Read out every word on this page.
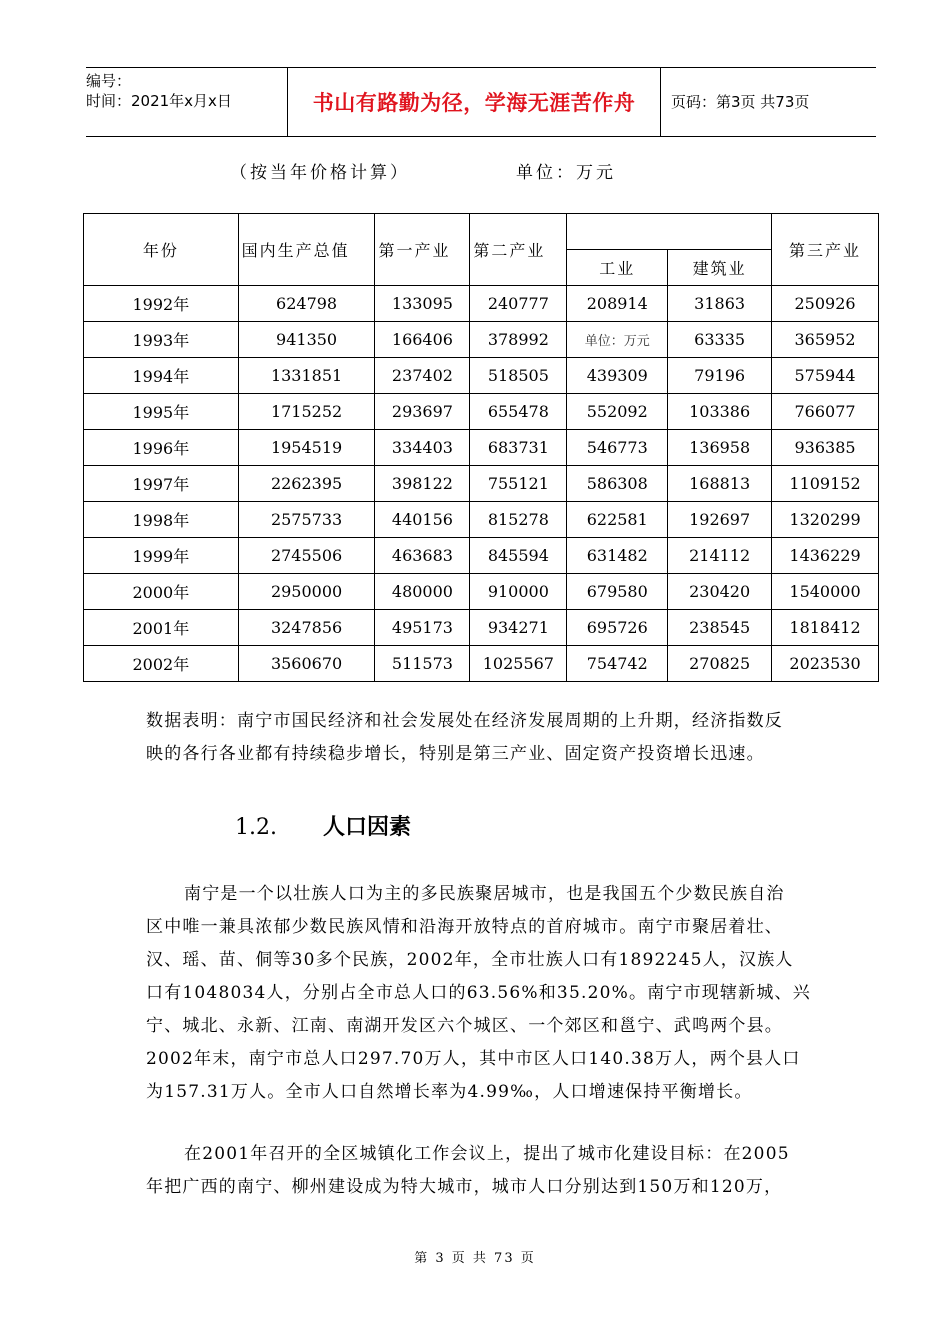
编号：
时间：2021年x月x日	书山有路勤为径，学海无涯苦作舟 页码：第3页 共73页
（按当年价格计算）	单位：万元
年份	国内生产总值	第一产业	第二产业			第三产业
				工业	建筑业	
1992年	624798	133095	240777	208914	31863	250926
1993年	941350	166406	378992	单位：万元	63335	365952
1994年	1331851	237402	518505	439309	79196	575944
1995年	1715252	293697	655478	552092	103386	766077
1996年	1954519	334403	683731	546773	136958	936385
1997年	2262395	398122	755121	586308	168813	1109152
1998年	2575733	440156	815278	622581	192697	1320299
1999年	2745506	463683	845594	631482	214112	1436229
2000年	2950000	480000	910000	679580	230420	1540000
2001年	3247856	495173	934271	695726	238545	1818412
2002年	3560670	511573	1025567	754742	270825	2023530
数据表明：南宁市国民经济和社会发展处在经济发展周期的上升期，经济指数反
映的各行各业都有持续稳步增长，特别是第三产业、固定资产投资增长迅速。
1.2. 人口因素
南宁是一个以壮族人口为主的多民族聚居城市，也是我国五个少数民族自治
区中唯一兼具浓郁少数民族风情和沿海开放特点的首府城市。南宁市聚居着壮、
汉、瑶、苗、侗等30多个民族，2002年，全市壮族人口有1892245人，汉族人
口有1048034人，分别占全市总人口的63.56%和35.20%。南宁市现辖新城、兴
宁、城北、永新、江南、南湖开发区六个城区、一个郊区和邕宁、武鸣两个县。
2002年末，南宁市总人口297.70万人，其中市区人口140.38万人，两个县人口
为157.31万人。全市人口自然增长率为4.99‰，人口增速保持平衡增长。
在2001年召开的全区城镇化工作会议上，提出了城市化建设目标：在2005
年把广西的南宁、柳州建设成为特大城市，城市人口分别达到150万和120万，
第 3 页 共 73 页
